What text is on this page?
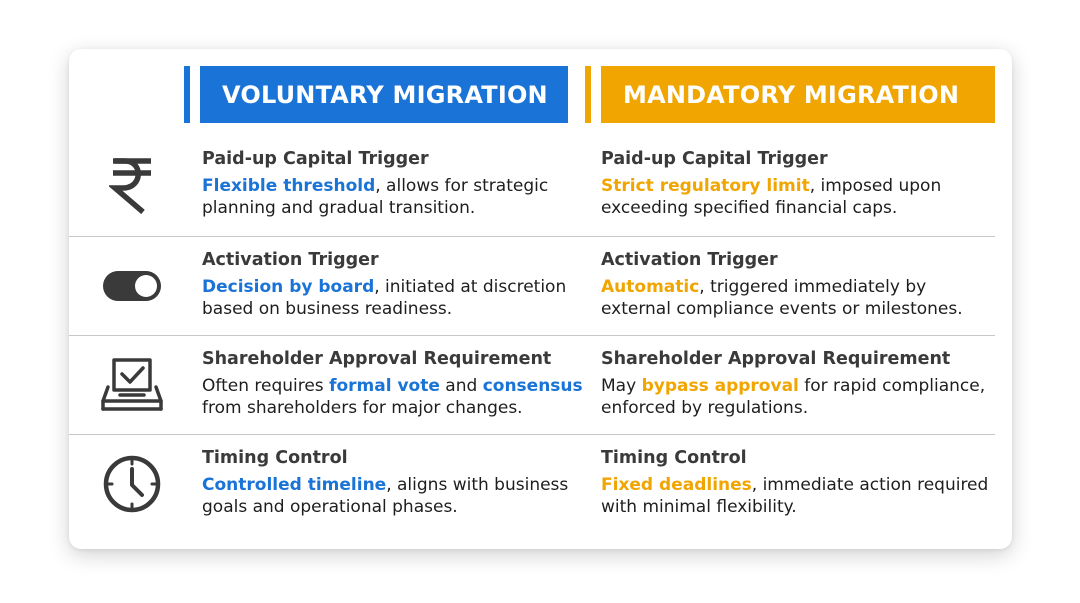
VOLUNTARY MIGRATION	MANDATORY MIGRATION
Paid-up Capital Trigger
Flexible threshold, allows for strategic
planning and gradual transition.
Paid-up Capital Trigger
Strict regulatory limit, imposed upon
exceeding specified financial caps.
Activation Trigger
Decision by board, initiated at discretion
based on business readiness.
Activation Trigger
Automatic, triggered immediately by
external compliance events or milestones.
Shareholder Approval Requirement
Often requires formal vote and consensus
from shareholders for major changes.
Shareholder Approval Requirement
May bypass approval for rapid compliance,
enforced by regulations.
Timing Control
Controlled timeline, aligns with business
goals and operational phases.
Timing Control
Fixed deadlines, immediate action required
with minimal flexibility.
